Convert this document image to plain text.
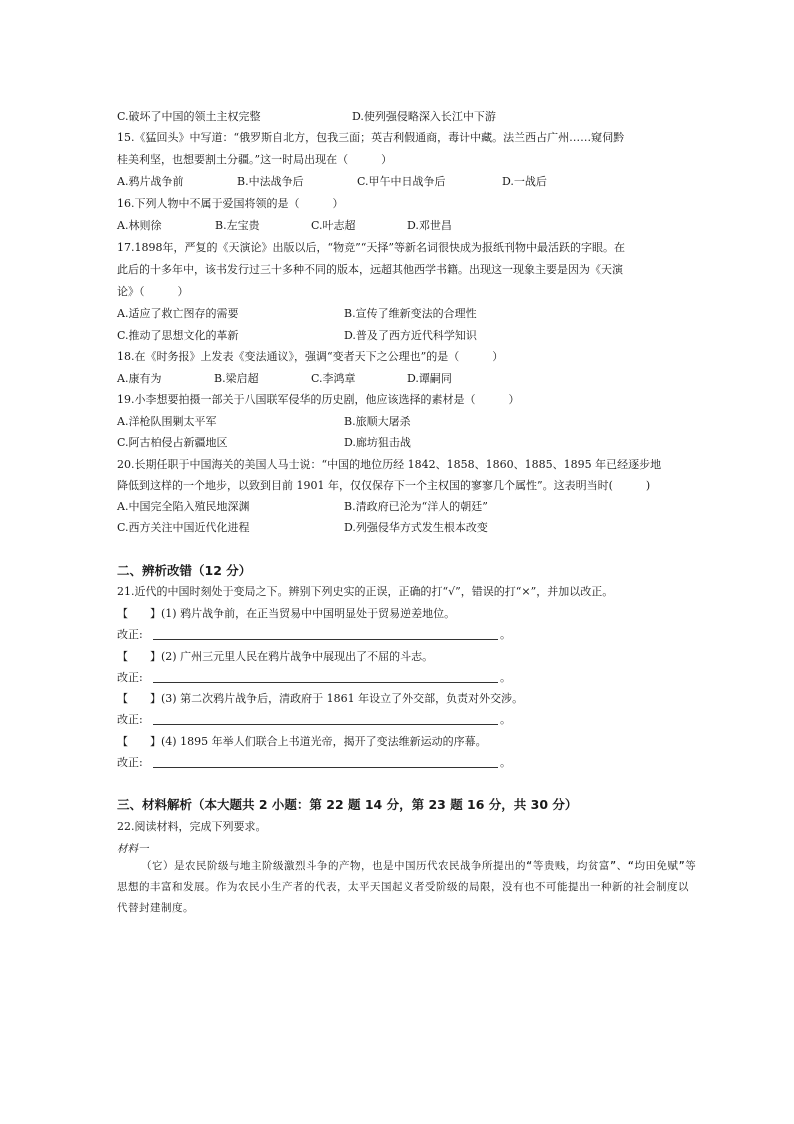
C.破坏了中国的领土主权完整	D.使列强侵略深入长江中下游
15.《猛回头》中写道：“俄罗斯自北方，包我三面；英吉利假通商，毒计中藏。法兰西占广州……窥伺黔
桂美利坚，也想要割土分疆。”这一时局出现在（　　　）
A.鸦片战争前	B.中法战争后	C.甲午中日战争后	D.一战后
16.下列人物中不属于爱国将领的是（　　　）
A.林则徐	B.左宝贵	C.叶志超	D.邓世昌
17.1898年，严复的《天演论》出版以后，“物竞”“天择”等新名词很快成为报纸刊物中最活跃的字眼。在
此后的十多年中，该书发行过三十多种不同的版本，远超其他西学书籍。出现这一现象主要是因为《天演
论》（　　　）
A.适应了救亡图存的需要	B.宣传了维新变法的合理性
C.推动了思想文化的革新	D.普及了西方近代科学知识
18.在《时务报》上发表《变法通议》，强调“变者天下之公理也”的是（　　　）
A.康有为	B.梁启超	C.李鸿章	D.谭嗣同
19.小李想要拍摄一部关于八国联军侵华的历史剧，他应该选择的素材是（　　　）
A.洋枪队围剿太平军	B.旅顺大屠杀
C.阿古柏侵占新疆地区	D.廊坊狙击战
20.长期任职于中国海关的美国人马士说：“中国的地位历经 1842、1858、1860、1885、1895 年已经逐步地
降低到这样的一个地步，以致到目前 1901 年，仅仅保存下一个主权国的寥寥几个属性”。这表明当时(　　　)
A.中国完全陷入殖民地深渊	B.清政府已沦为“洋人的朝廷”
C.西方关注中国近代化进程	D.列强侵华方式发生根本改变
二、辨析改错（12 分）
21.近代的中国时刻处于变局之下。辨别下列史实的正误，正确的打“√”，错误的打“×”，并加以改正。
【　　】(1) 鸦片战争前，在正当贸易中中国明显处于贸易逆差地位。
改正:	。
【　　】(2) 广州三元里人民在鸦片战争中展现出了不屈的斗志。
改正:	。
【　　】(3) 第二次鸦片战争后，清政府于 1861 年设立了外交部，负责对外交涉。
改正:	。
【　　】(4) 1895 年举人们联合上书道光帝，揭开了变法维新运动的序幕。
改正:	。
三、材料解析（本大题共 2 小题：第 22 题 14 分，第 23 题 16 分，共 30 分）
22.阅读材料，完成下列要求。
材料一

（它）是农民阶级与地主阶级激烈斗争的产物，也是中国历代农民战争所提出的“等贵贱，均贫富”、“均田免赋”等思想的丰富和发展。作为农民小生产者的代表，太平天国起义者受阶级的局限，没有也不可能提出一种新的社会制度以代替封建制度。
